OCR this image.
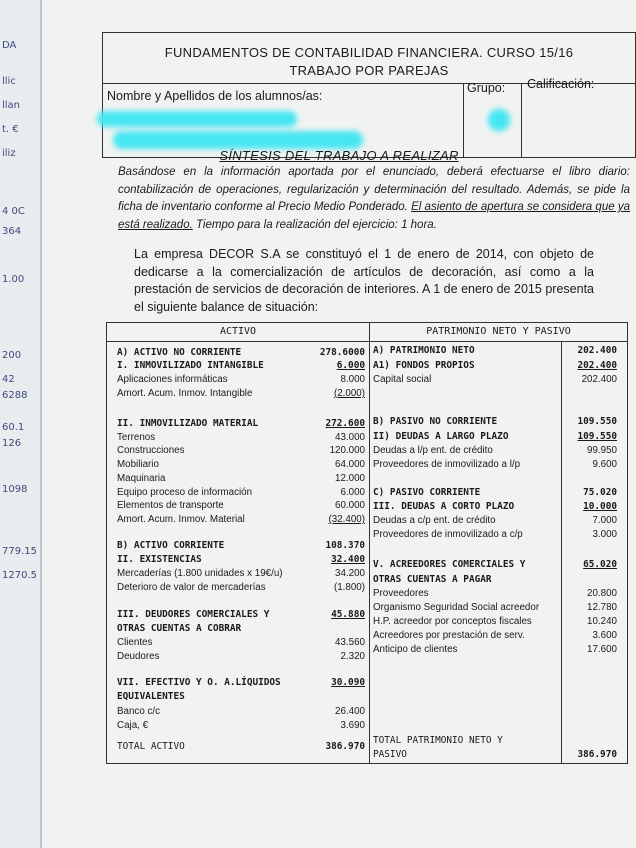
DA
llic
llan
t. €
iliz
4 0C
364
1.00
200
42
6288
60.1
126
1098
779.15
1270.5
FUNDAMENTOS DE CONTABILIDAD FINANCIERA. CURSO 15/16
TRABAJO POR PAREJAS
Nombre y Apellidos de los alumnos/as:
Grupo: Calificación:
SÍNTESIS DEL TRABAJO A REALIZAR
Basándose en la información aportada por el enunciado, deberá efectuarse el libro diario: contabilización de operaciones, regularización y determinación del resultado. Además, se pide la ficha de inventario conforme al Precio Medio Ponderado. El asiento de apertura se considera que ya está realizado. Tiempo para la realización del ejercicio: 1 hora.
La empresa DECOR S.A se constituyó el 1 de enero de 2014, con objeto de dedicarse a la comercialización de artículos de decoración, así como a la prestación de servicios de decoración de interiores. A 1 de enero de 2015 presenta el siguiente balance de situación:
ACTIVO	PATRIMONIO NETO Y PASIVO
A) ACTIVO NO CORRIENTE	278.6000
I. INMOVILIZADO INTANGIBLE	6.000
Aplicaciones informáticas	8.000
Amort. Acum. Inmov. Intangible	(2.000)
II. INMOVILIZADO MATERIAL	272.600
Terrenos	43.000
Construcciones	120.000
Mobiliario	64.000
Maquinaria	12.000
Equipo proceso de información	6.000
Elementos de transporte	60.000
Amort. Acum. Inmov. Material	(32.400)
B) ACTIVO CORRIENTE	108.370
II. EXISTENCIAS	32.400
Mercaderías (1.800 unidades x 19€/u)	34.200
Deterioro de valor de mercaderías	(1.800)
III. DEUDORES COMERCIALES Y	45.880
OTRAS CUENTAS A COBRAR
Clientes	43.560
Deudores	2.320
VII. EFECTIVO Y O. A.LÍQUIDOS	30.090
EQUIVALENTES
Banco c/c	26.400
Caja, €	3.690
TOTAL ACTIVO	386.970
A) PATRIMONIO NETO	202.400
A1) FONDOS PROPIOS	202.400
Capital social	202.400
B) PASIVO NO CORRIENTE	109.550
II) DEUDAS A LARGO PLAZO	109.550
Deudas a l/p ent. de crédito	99.950
Proveedores de inmovilizado a l/p	9.600
C) PASIVO CORRIENTE	75.020
III. DEUDAS A CORTO PLAZO	10.000
Deudas a c/p ent. de crédito	7.000
Proveedores de inmovilizado a c/p	3.000
V. ACREEDORES COMERCIALES Y	65.020
OTRAS CUENTAS A PAGAR
Proveedores	20.800
Organismo Seguridad Social acreedor	12.780
H.P. acreedor por conceptos fiscales	10.240
Acreedores por prestación de serv.	3.600
Anticipo de clientes	17.600
TOTAL PATRIMONIO NETO Y
PASIVO	386.970
